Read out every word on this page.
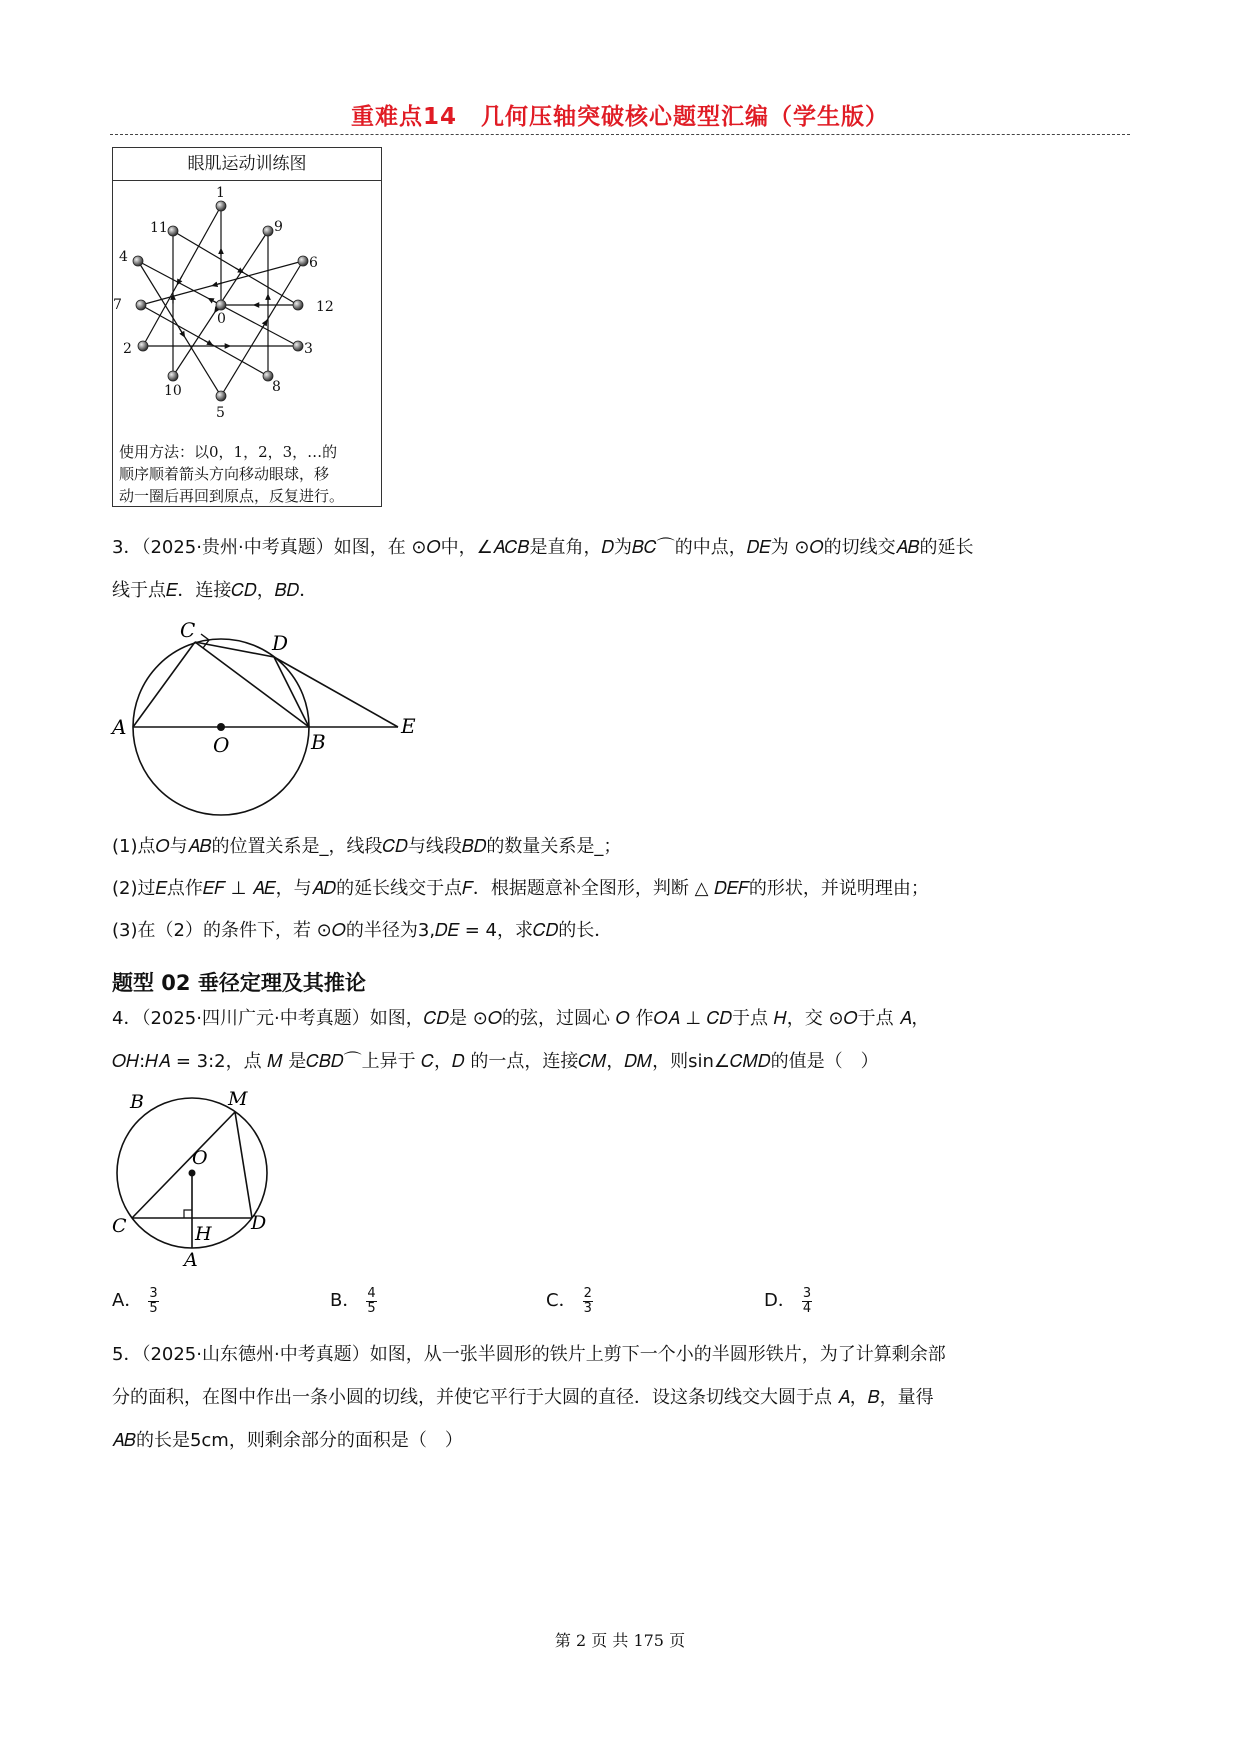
重难点14　几何压轴突破核心题型汇编（学生版）
眼肌运动训练图
0
1
2	3
4
5
6
7
8
9
10
11
12
使用方法：以0，1，2，3，…的
顺序顺着箭头方向移动眼球，移
动一圈后再回到原点，反复进行。
3．（2025·贵州·中考真题）如图，在 ⊙𝑂中，∠𝐴𝐶𝐵是直角，𝐷为𝐵𝐶⌒的中点，𝐷𝐸为 ⊙𝑂的切线交𝐴𝐵的延长
线于点𝐸．连接𝐶𝐷，𝐵𝐷．
A
B
C
D
E
O
(1)点𝑂与𝐴𝐵的位置关系是_，线段𝐶𝐷与线段𝐵𝐷的数量关系是_；
(2)过𝐸点作𝐸𝐹 ⊥ 𝐴𝐸，与𝐴𝐷的延长线交于点𝐹．根据题意补全图形，判断 △ 𝐷𝐸𝐹的形状，并说明理由；
(3)在（2）的条件下，若 ⊙𝑂的半径为3,𝐷𝐸 = 4，求𝐶𝐷的长．
题型 02 垂径定理及其推论
4．（2025·四川广元·中考真题）如图，𝐶𝐷是 ⊙𝑂的弦，过圆心 𝑂 作𝑂𝐴 ⊥ 𝐶𝐷于点 𝐻，交 ⊙𝑂于点 𝐴，
𝑂𝐻:𝐻𝐴 = 3:2，点 𝑀 是𝐶𝐵𝐷⌒上异于 𝐶，𝐷 的一点，连接𝐶𝑀，𝐷𝑀，则sin∠𝐶𝑀𝐷的值是（　）
B	M
O
C	D
H
A
A． $\frac{3}{5}$	B． $\frac{4}{5}$	C． $\frac{2}{3}$	D． $\frac{3}{4}$
5．（2025·山东德州·中考真题）如图，从一张半圆形的铁片上剪下一个小的半圆形铁片，为了计算剩余部
分的面积，在图中作出一条小圆的切线，并使它平行于大圆的直径．设这条切线交大圆于点 𝐴，𝐵，量得
𝐴𝐵的长是5cm，则剩余部分的面积是（　）
第 2 页 共 175 页
